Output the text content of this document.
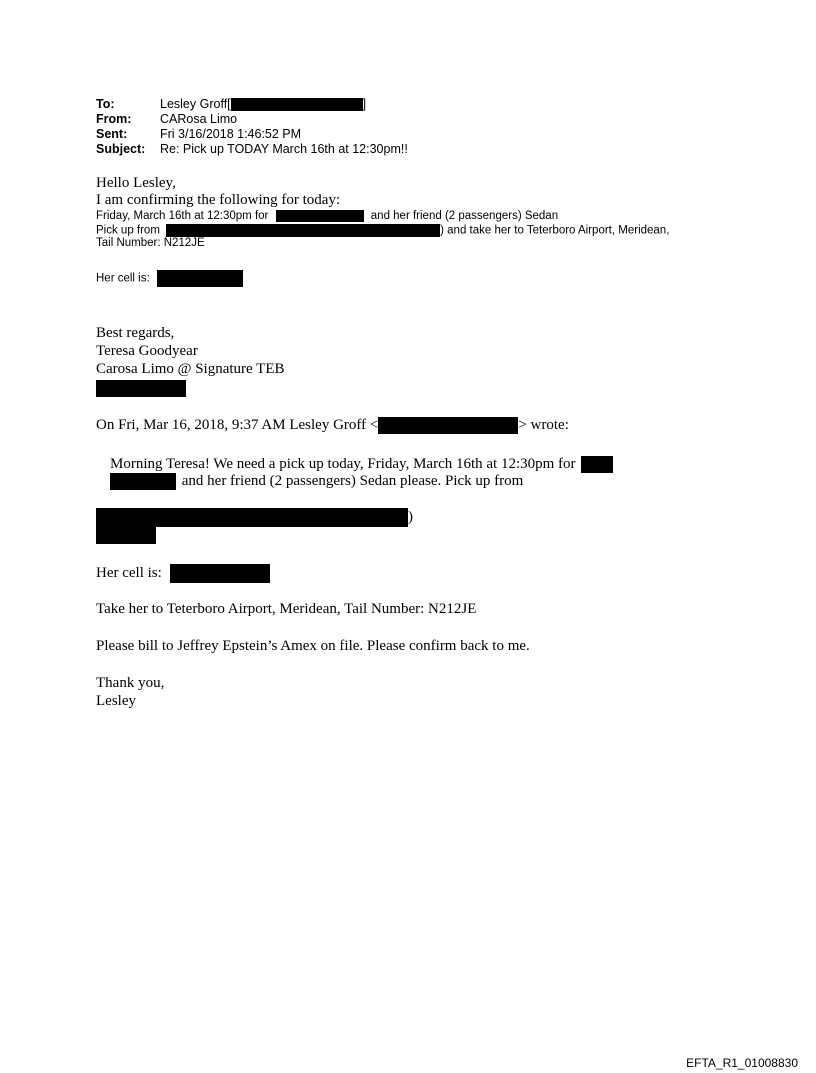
To:	Lesley Groff[	]
From: CARosa Limo
Sent:	Fri 3/16/2018 1:46:52 PM
Subject: Re: Pick up TODAY March 16th at 12:30pm!!
Hello Lesley,
I am confirming the following for today:
Friday, March 16th at 12:30pm for	and her friend (2 passengers) Sedan
Pick up from	) and take her to Teterboro Airport, Meridean,
Tail Number: N212JE
Her cell is:
Best regards,
Teresa Goodyear
Carosa Limo @ Signature TEB
On Fri, Mar 16, 2018, 9:37 AM Lesley Groff <	> wrote:
Morning Teresa! We need a pick up today, Friday, March 16th at 12:30pm for
and her friend (2 passengers) Sedan please. Pick up from
)
Her cell is:
Take her to Teterboro Airport, Meridean, Tail Number: N212JE
Please bill to Jeffrey Epstein’s Amex on file. Please confirm back to me.
Thank you,
Lesley
EFTA_R1_01008830
